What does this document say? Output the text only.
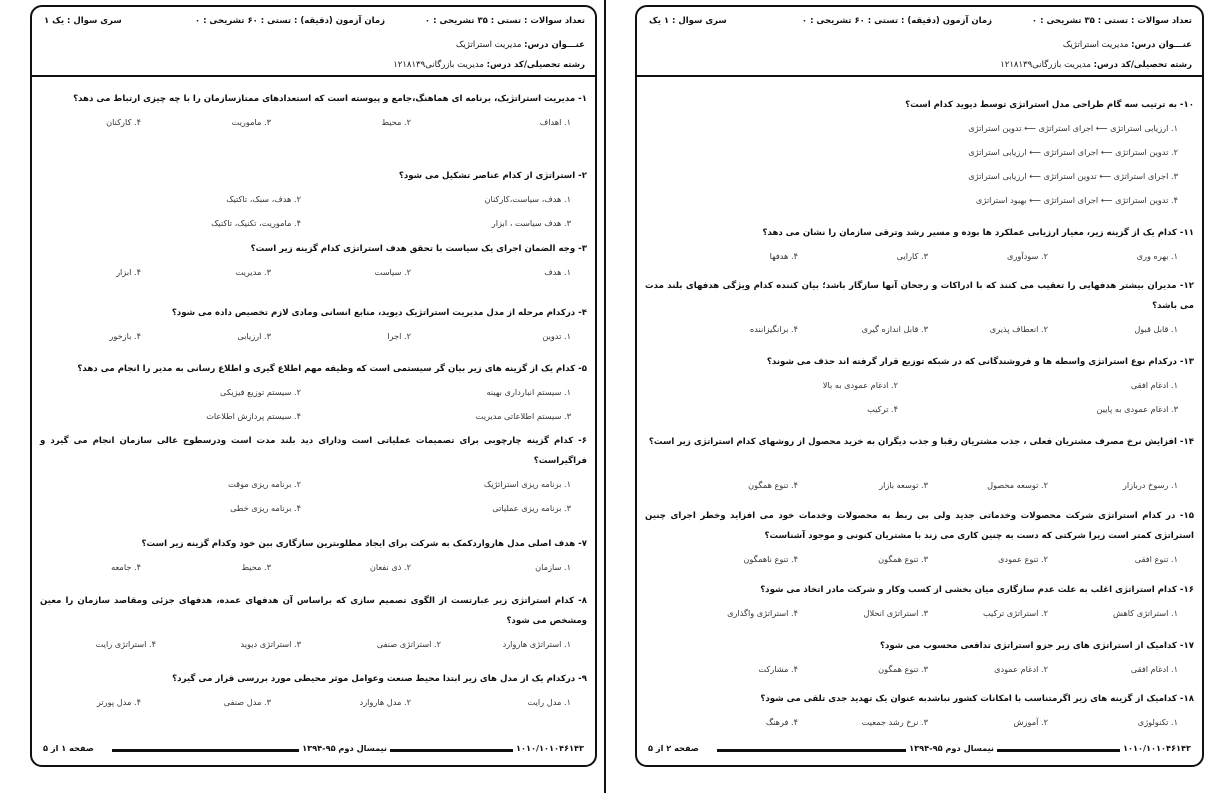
تعداد سوالات : تستی : ۳۵ تشریحی : ۰
زمان آزمون (دقیقه) : تستی : ۶۰ تشریحی : ۰
سری سوال : یک ۱
عنـــوان درس: مدیریت استراتژیک
رشته تحصیلی/کد درس: مدیریت بازرگانی۱۲۱۸۱۳۹
۱- مدیریت استراتژیک، برنامه ای هماهنگ،جامع و پیوسته است که استعدادهای ممتازسازمان را با چه چیزی ارتباط می دهد؟
۱. اهداف
۲. محیط
۳. ماموریت
۴. کارکنان
۲- استراتژی از کدام عناصر تشکیل می شود؟
۱. هدف، سیاست،کارکنان
۲. هدف، سبک، تاکتیک
۳. هدف سیاست ، ابزار
۴. ماموریت، تکنیک، تاکتیک
۳- وجه الضمان اجرای یک سیاست با تحقق هدف استراتژی کدام گزینه زیر است؟
۱. هدف
۲. سیاست
۳. مدیریت
۴. ابزار
۴- درکدام مرحله از مدل مدیریت استراتژیک دیوید، منابع انسانی ومادی لازم تخصیص داده می شود؟
۱. تدوین
۲. اجرا
۳. ارزیابی
۴. بازخور
۵- کدام یک از گزینه های زیر بیان گر سیستمی است که وظیفه مهم اطلاع گیری و اطلاع رسانی به مدیر را انجام می دهد؟
۱. سیستم انبارداری بهینه
۲. سیستم توزیع فیزیکی
۳. سیستم اطلاعاتی مدیریت
۴. سیستم پردازش اطلاعات
۶- کدام گزینه چارچوبی برای تصمیمات عملیاتی است ودارای دید بلند مدت است ودرسطوح عالی سازمان انجام می گیرد و فراگیراست؟
۱. برنامه ریزی استراتژیک
۲. برنامه ریزی موقت
۳. برنامه ریزی عملیاتی
۴. برنامه ریزی خطی
۷- هدف اصلی مدل هاروارد‌کمک به شرکت برای ایجاد مطلوبترین سازگاری بین خود وکدام گزینه زیر است؟
۱. سازمان
۲. ذی نفعان
۳. محیط
۴. جامعه
۸- کدام استراتژی زیر عبارتست از الگوی تصمیم سازی که براساس آن هدفهای عمده، هدفهای جزئی ومقاصد سازمان را معین ومشخص می شود؟
۱. استراتژی هاروارد
۲. استراتژی صنفی
۳. استراتژی دیوید
۴. استراتژی رایت
۹- درکدام یک از مدل های زیر ابتدا محیط صنعت وعوامل موثر محیطی مورد بررسی قرار می گیرد؟
۱. مدل رایت
۲. مدل هاروارد
۳. مدل صنفی
۴. مدل پورتر
۱۰۱۰/۱۰۱۰۴۶۱۴۳
نیمسال دوم ۹۵-۱۳۹۴
صفحه ۱ از ۵
تعداد سوالات : تستی : ۳۵ تشریحی : ۰
زمان آزمون (دقیقه) : تستی : ۶۰ تشریحی : ۰
سری سوال : ۱ یک
عنـــوان درس: مدیریت استراتژیک
رشته تحصیلی/کد درس: مدیریت بازرگانی۱۲۱۸۱۳۹
۱۰- به ترتیب سه گام طراحی مدل استراتژی توسط دیوید کدام است؟
۱. ارزیابی استراتژی ⟵ اجرای استراتژی ⟵ تدوین استراتژی
۲. تدوین استراتژی ⟵ اجرای استراتژی ⟵ ارزیابی استراتژی
۳. اجرای استراتژی ⟵ تدوین استراتژی ⟵ ارزیابی استراتژی
۴. تدوین استراتژی ⟵ اجرای استراتژی ⟵ بهبود استراتژی
۱۱- کدام یک از گزینه زیر، معیار ارزیابی عملکرد ها بوده و مسیر رشد وترقی سازمان را نشان می دهد؟
۱. بهره وری
۲. سودآوری
۳. کارایی
۴. هدفها
۱۲- مدیران بیشتر هدفهایی را تعقیب می کنند که با ادراکات و رجحان آنها سازگار باشد؛ بیان کننده کدام ویژگی هدفهای بلند مدت می باشد؟
۱. قابل قبول
۲. انعطاف پذیری
۳. قابل اندازه گیری
۴. برانگیزاننده
۱۳- درکدام نوع استراتژی واسطه ها و فروشندگانی که در شبکه توزیع قرار گرفته اند حذف می شوند؟
۱. ادغام افقی
۲. ادغام عمودی به بالا
۳. ادغام عمودی به پایین
۴. ترکیب
۱۴- افزایش نرخ مصرف مشتریان فعلی ، جذب مشتریان رقبا و جذب دیگران به خرید محصول از روشهای کدام استراتژی زیر است؟
۱. رسوخ دربازار
۲. توسعه محصول
۳. توسعه بازار
۴. تنوع همگون
۱۵- در کدام استراتژی شرکت محصولات وخدماتی جدید ولی بی ربط به محصولات وخدمات خود می افزاید وخطر اجرای چنین استراتژی کمتر است زیرا شرکتی که دست به چنین کاری می زند با مشتریان کنونی و موجود آشناست؟
۱. تنوع افقی
۲. تنوع عمودی
۳. تنوع همگون
۴. تنوع ناهمگون
۱۶- کدام استراتژی اغلب به علت عدم سازگاری میان بخشی از کسب وکار و شرکت مادر اتخاذ می شود؟
۱. استراتژی کاهش
۲. استراتژی ترکیب
۳. استراتژی انحلال
۴. استراتژی واگذاری
۱۷- کدامیک از استراتژی های زیر جزو استراتژی تدافعی محسوب می شود؟
۱. ادغام افقی
۲. ادغام عمودی
۳. تنوع همگون
۴. مشارکت
۱۸- کدامیک از گزینه های زیر اگرمتناسب با امکانات کشور نباشدبه عنوان یک تهدید جدی تلقی می شود؟
۱. تکنولوژی
۲. آموزش
۳. نرخ رشد جمعیت
۴. فرهنگ
۱۰۱۰/۱۰۱۰۴۶۱۴۳
نیمسال دوم ۹۵-۱۳۹۴
صفحه ۲ از ۵
